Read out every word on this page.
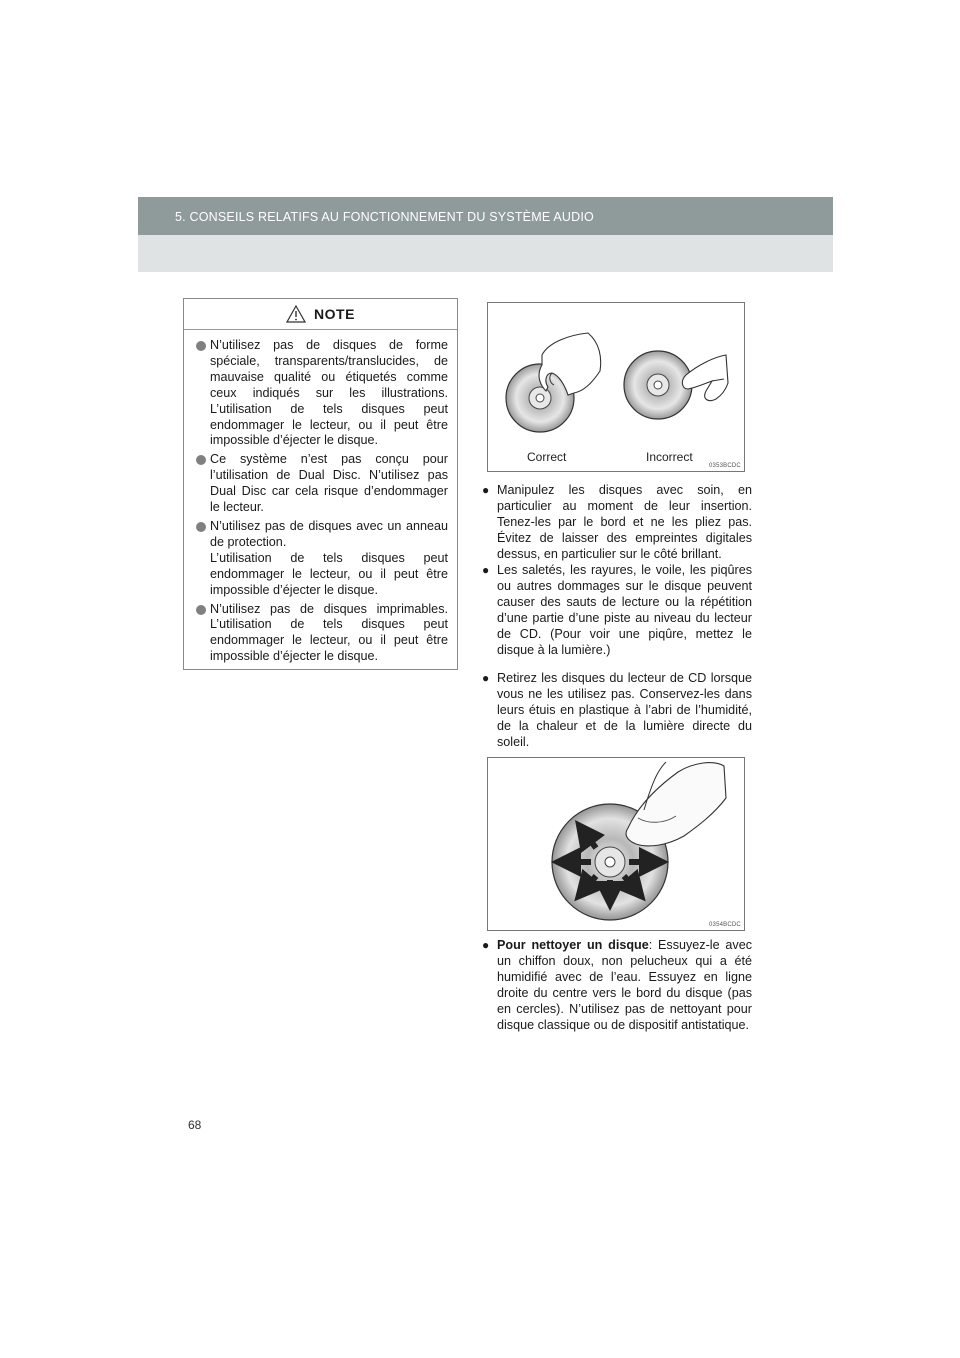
5. CONSEILS RELATIFS AU FONCTIONNEMENT DU SYSTÈME AUDIO
NOTE
N’utilisez pas de disques de forme spéciale, transparents/translucides, de mauvaise qualité ou étiquetés comme ceux indiqués sur les illustrations. L’utilisation de tels disques peut endommager le lecteur, ou il peut être impossible d’éjecter le disque.
Ce système n’est pas conçu pour l’utilisation de Dual Disc. N’utilisez pas Dual Disc car cela risque d’endommager le lecteur.
N’utilisez pas de disques avec un anneau de protection.
L’utilisation de tels disques peut endommager le lecteur, ou il peut être impossible d’éjecter le disque.
N’utilisez pas de disques imprimables. L’utilisation de tels disques peut endommager le lecteur, ou il peut être impossible d’éjecter le disque.
Correct	Incorrect
0353BCDC
● Manipulez les disques avec soin, en particulier au moment de leur insertion. Tenez-les par le bord et ne les pliez pas. Évitez de laisser des empreintes digitales dessus, en particulier sur le côté brillant.
● Les saletés, les rayures, le voile, les piqûres ou autres dommages sur le disque peuvent causer des sauts de lecture ou la répétition d’une partie d’une piste au niveau du lecteur de CD. (Pour voir une piqûre, mettez le disque à la lumière.)
● Retirez les disques du lecteur de CD lorsque vous ne les utilisez pas. Conservez-les dans leurs étuis en plastique à l’abri de l’humidité, de la chaleur et de la lumière directe du soleil.
0354BCDC
● Pour nettoyer un disque: Essuyez-le avec un chiffon doux, non pelucheux qui a été humidifié avec de l’eau. Essuyez en ligne droite du centre vers le bord du disque (pas en cercles). N’utilisez pas de nettoyant pour disque classique ou de dispositif antistatique.
68
